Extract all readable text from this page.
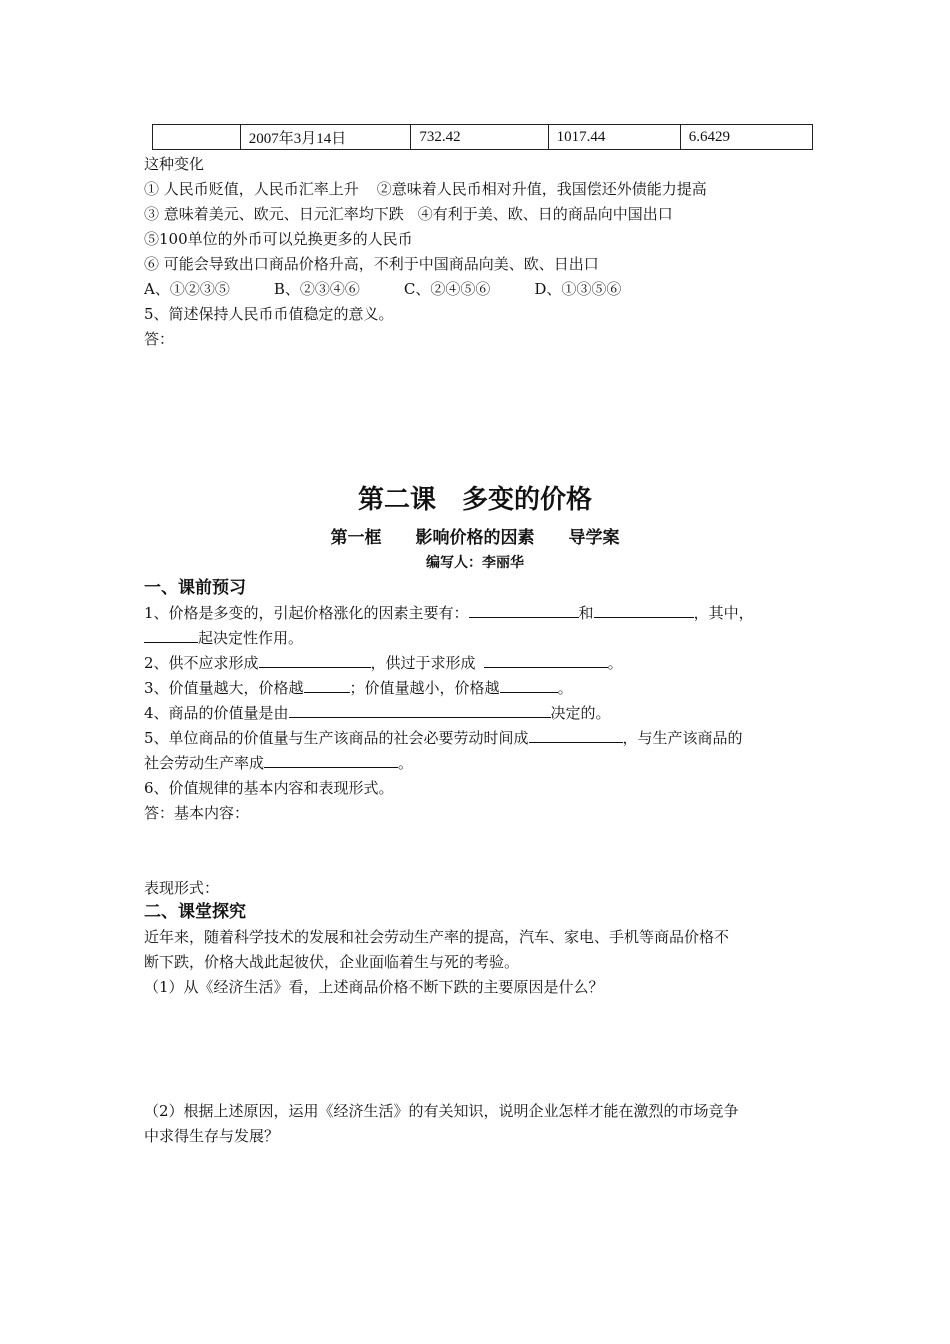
	2007年3月14日	732.42	1017.44	6.6429
这种变化
① 人民币贬值，人民币汇率上升 ②意味着人民币相对升值，我国偿还外债能力提高
③ 意味着美元、欧元、日元汇率均下跌 ④有利于美、欧、日的商品向中国出口
⑤100单位的外币可以兑换更多的人民币
⑥ 可能会导致出口商品价格升高，不利于中国商品向美、欧、日出口
A、①②③⑤	B、②③④⑥	C、②④⑤⑥	D、①③⑤⑥
5、简述保持人民币币值稳定的意义。
答：
第二课　多变的价格
第一框 影响价格的因素 导学案
编写人：李丽华
一、课前预习
1、价格是多变的，引起价格涨化的因素主要有：	和	，其中，
起决定性作用。
2、供不应求形成	，供过于求形成	。
3、价值量越大，价格越	；价值量越小，价格越	。
4、商品的价值量是由	决定的。
5、单位商品的价值量与生产该商品的社会必要劳动时间成	，与生产该商品的
社会劳动生产率成	。
6、价值规律的基本内容和表现形式。
答：基本内容：
表现形式：
二、课堂探究
近年来，随着科学技术的发展和社会劳动生产率的提高，汽车、家电、手机等商品价格不
断下跌，价格大战此起彼伏，企业面临着生与死的考验。
（1）从《经济生活》看，上述商品价格不断下跌的主要原因是什么？
（2）根据上述原因，运用《经济生活》的有关知识，说明企业怎样才能在激烈的市场竞争
中求得生存与发展？
